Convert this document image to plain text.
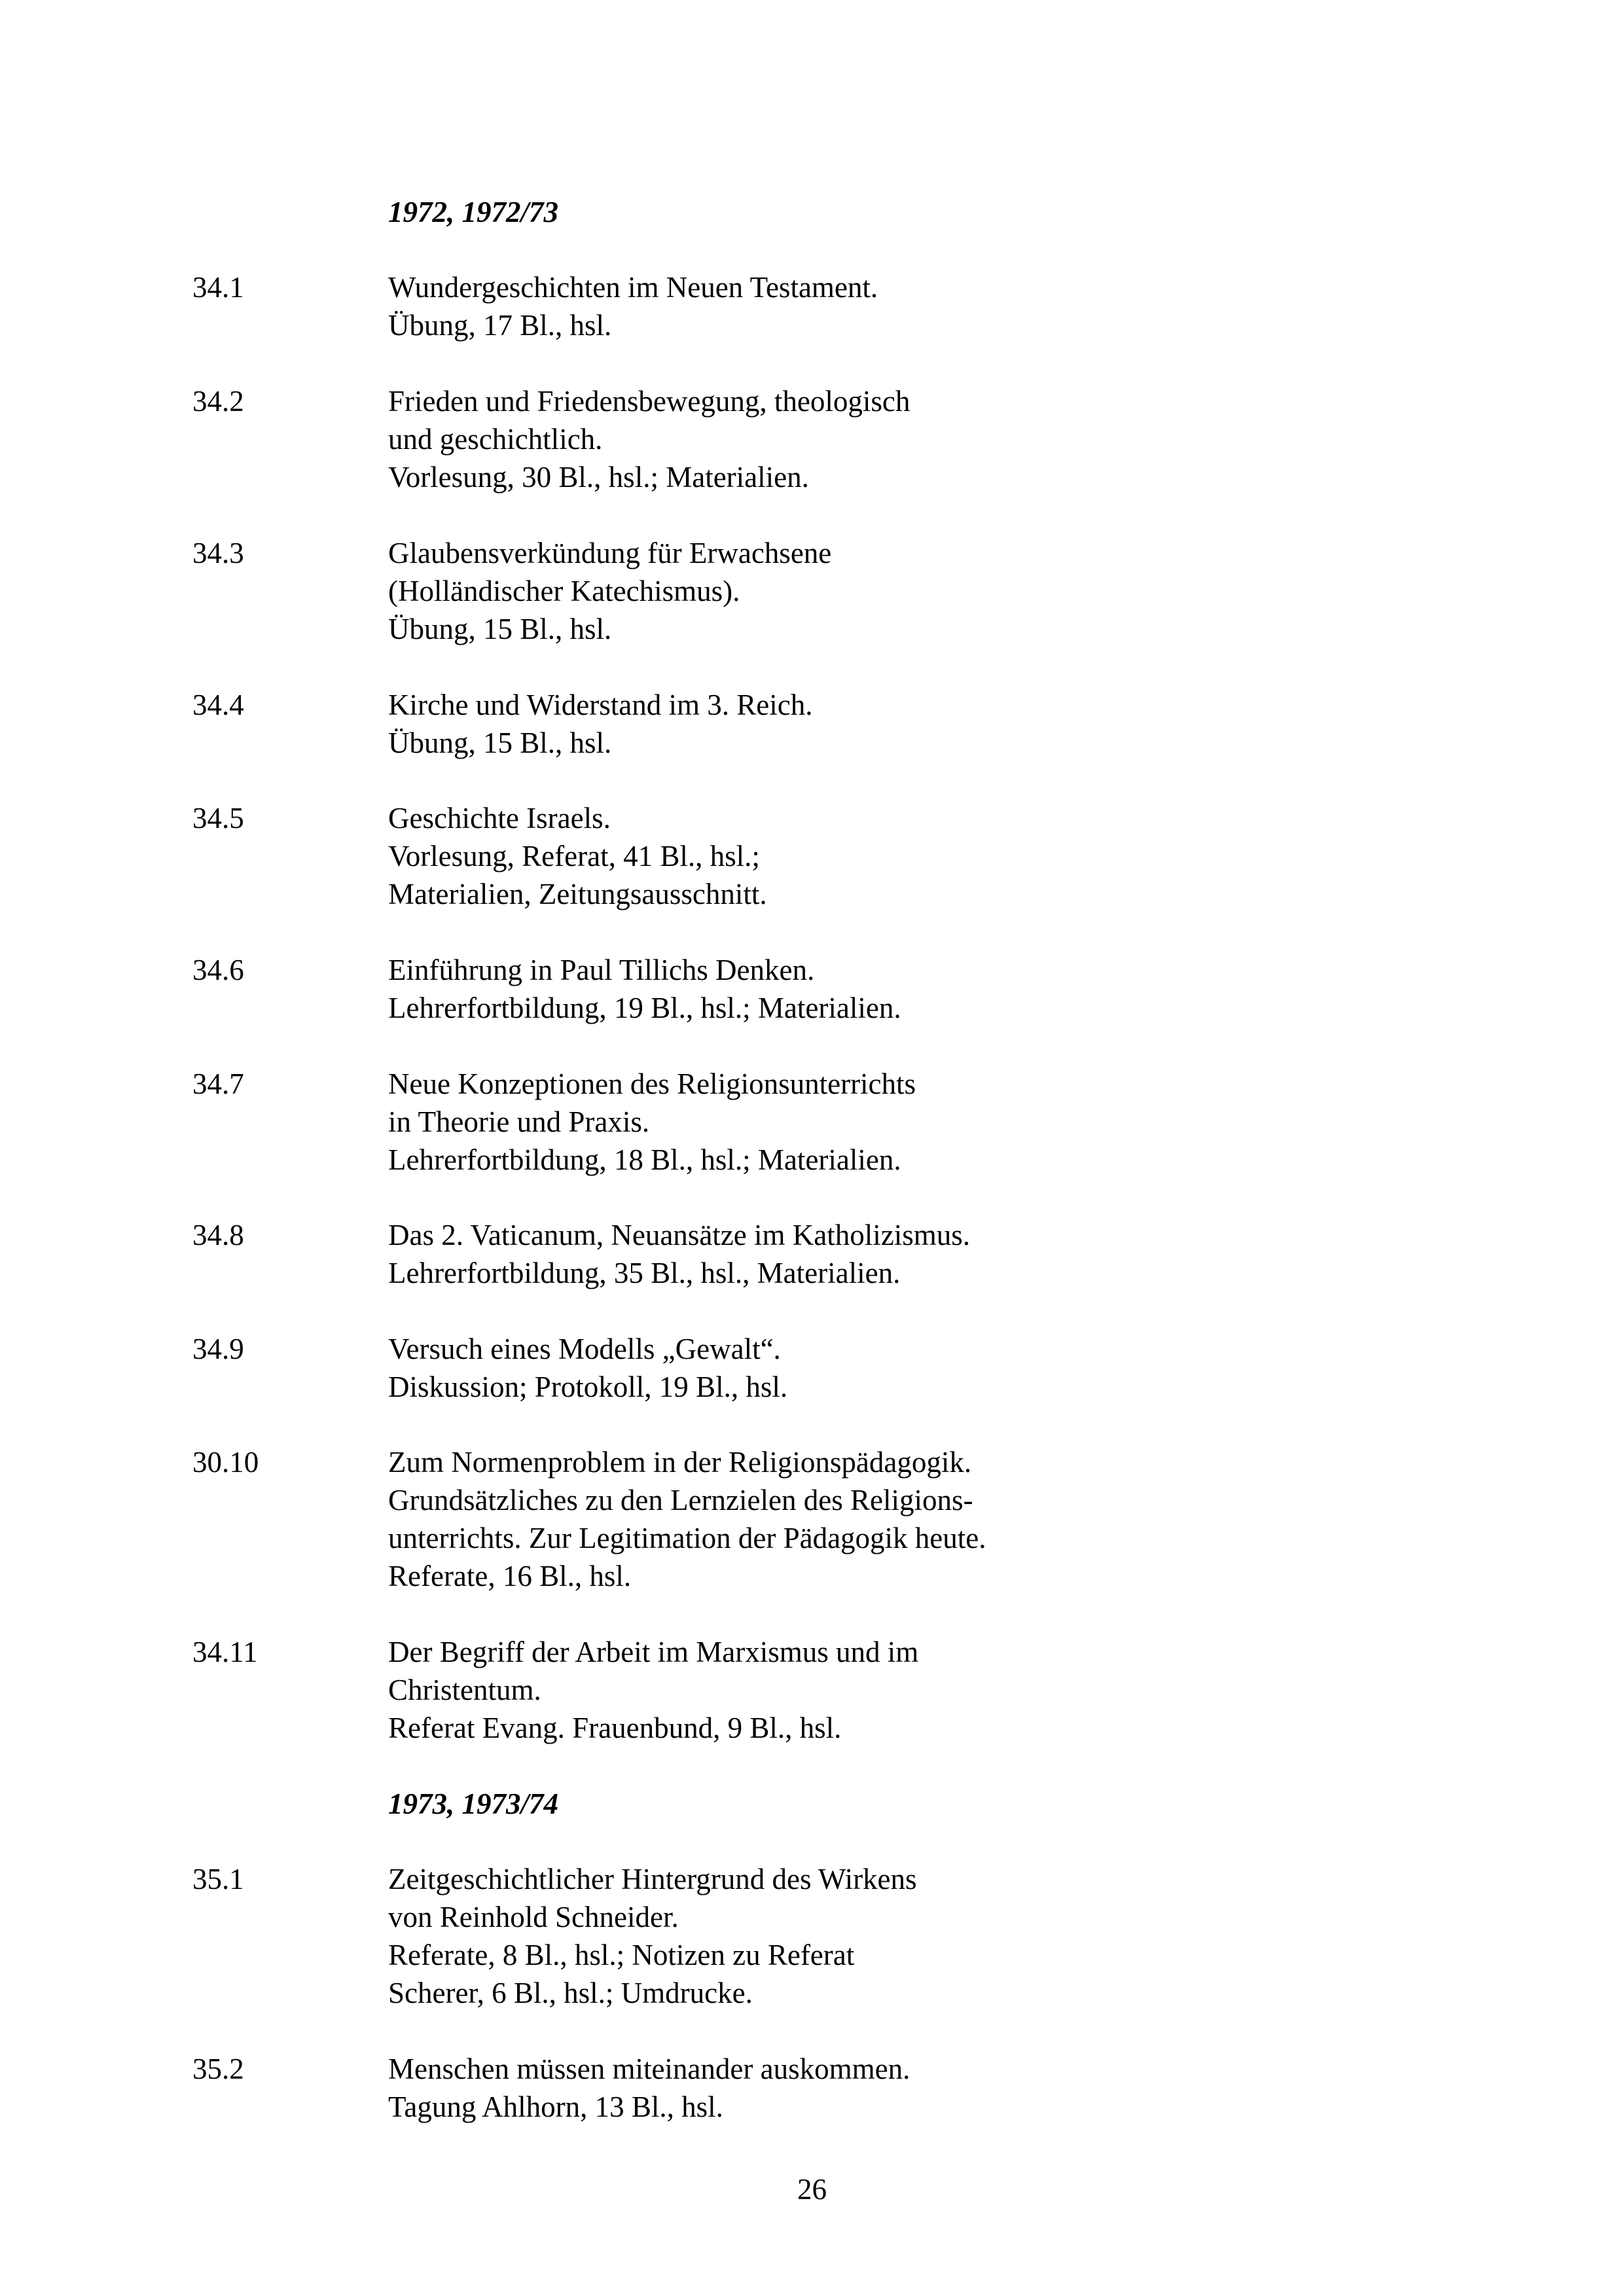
1972, 1972/73
34.1	Wundergeschichten im Neuen Testament.
Übung, 17 Bl., hsl.
34.2	Frieden und Friedensbewegung, theologisch
und geschichtlich.
Vorlesung, 30 Bl., hsl.; Materialien.
34.3	Glaubensverkündung für Erwachsene
(Holländischer Katechismus).
Übung, 15 Bl., hsl.
34.4	Kirche und Widerstand im 3. Reich.
Übung, 15 Bl., hsl.
34.5	Geschichte Israels.
Vorlesung, Referat, 41 Bl., hsl.;
Materialien, Zeitungsausschnitt.
34.6	Einführung in Paul Tillichs Denken.
Lehrerfortbildung, 19 Bl., hsl.; Materialien.
34.7	Neue Konzeptionen des Religionsunterrichts
in Theorie und Praxis.
Lehrerfortbildung, 18 Bl., hsl.; Materialien.
34.8	Das 2. Vaticanum, Neuansätze im Katholizismus.
Lehrerfortbildung, 35 Bl., hsl., Materialien.
34.9	Versuch eines Modells „Gewalt“.
Diskussion; Protokoll, 19 Bl., hsl.
30.10	Zum Normenproblem in der Religionspädagogik.
Grundsätzliches zu den Lernzielen des Religions-
unterrichts. Zur Legitimation der Pädagogik heute.
Referate, 16 Bl., hsl.
34.11	Der Begriff der Arbeit im Marxismus und im
Christentum.
Referat Evang. Frauenbund, 9 Bl., hsl.
1973, 1973/74
35.1	Zeitgeschichtlicher Hintergrund des Wirkens
von Reinhold Schneider.
Referate, 8 Bl., hsl.; Notizen zu Referat
Scherer, 6 Bl., hsl.; Umdrucke.
35.2	Menschen müssen miteinander auskommen.
Tagung Ahlhorn, 13 Bl., hsl.
26
